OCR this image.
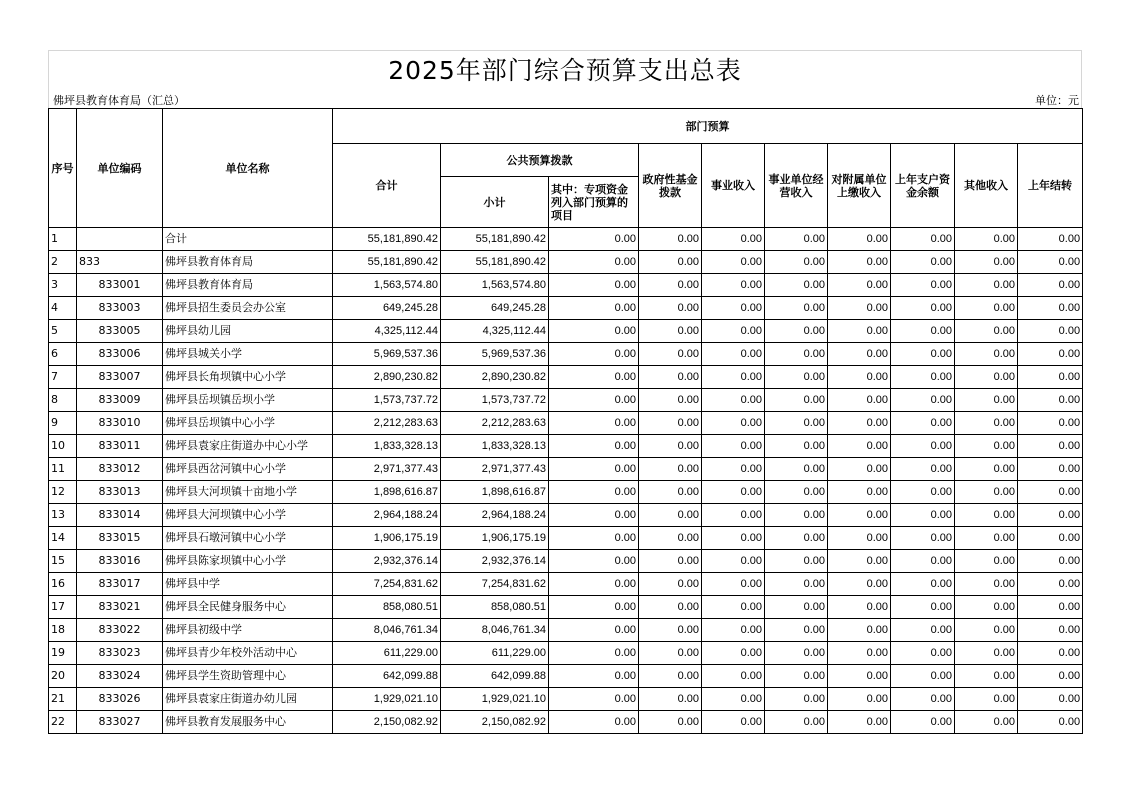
2025年部门综合预算支出总表
佛坪县教育体育局（汇总）	单位：元
序号	单位编码	单位名称	部门预算									
			合计	公共预算拨款		政府性基金拨款	事业收入	事业单位经营收入	对附属单位上缴收入	上年支户资金余额	其他收入	上年结转
				小计	其中：专项资金列入部门预算的项目							
1		合计	55,181,890.42	55,181,890.42	0.00	0.00	0.00	0.00	0.00	0.00	0.00	0.00
2	833	佛坪县教育体育局	55,181,890.42	55,181,890.42	0.00	0.00	0.00	0.00	0.00	0.00	0.00	0.00
3	833001	佛坪县教育体育局	1,563,574.80	1,563,574.80	0.00	0.00	0.00	0.00	0.00	0.00	0.00	0.00
4	833003	佛坪县招生委员会办公室	649,245.28	649,245.28	0.00	0.00	0.00	0.00	0.00	0.00	0.00	0.00
5	833005	佛坪县幼儿园	4,325,112.44	4,325,112.44	0.00	0.00	0.00	0.00	0.00	0.00	0.00	0.00
6	833006	佛坪县城关小学	5,969,537.36	5,969,537.36	0.00	0.00	0.00	0.00	0.00	0.00	0.00	0.00
7	833007	佛坪县长角坝镇中心小学	2,890,230.82	2,890,230.82	0.00	0.00	0.00	0.00	0.00	0.00	0.00	0.00
8	833009	佛坪县岳坝镇岳坝小学	1,573,737.72	1,573,737.72	0.00	0.00	0.00	0.00	0.00	0.00	0.00	0.00
9	833010	佛坪县岳坝镇中心小学	2,212,283.63	2,212,283.63	0.00	0.00	0.00	0.00	0.00	0.00	0.00	0.00
10	833011	佛坪县袁家庄街道办中心小学	1,833,328.13	1,833,328.13	0.00	0.00	0.00	0.00	0.00	0.00	0.00	0.00
11	833012	佛坪县西岔河镇中心小学	2,971,377.43	2,971,377.43	0.00	0.00	0.00	0.00	0.00	0.00	0.00	0.00
12	833013	佛坪县大河坝镇十亩地小学	1,898,616.87	1,898,616.87	0.00	0.00	0.00	0.00	0.00	0.00	0.00	0.00
13	833014	佛坪县大河坝镇中心小学	2,964,188.24	2,964,188.24	0.00	0.00	0.00	0.00	0.00	0.00	0.00	0.00
14	833015	佛坪县石墩河镇中心小学	1,906,175.19	1,906,175.19	0.00	0.00	0.00	0.00	0.00	0.00	0.00	0.00
15	833016	佛坪县陈家坝镇中心小学	2,932,376.14	2,932,376.14	0.00	0.00	0.00	0.00	0.00	0.00	0.00	0.00
16	833017	佛坪县中学	7,254,831.62	7,254,831.62	0.00	0.00	0.00	0.00	0.00	0.00	0.00	0.00
17	833021	佛坪县全民健身服务中心	858,080.51	858,080.51	0.00	0.00	0.00	0.00	0.00	0.00	0.00	0.00
18	833022	佛坪县初级中学	8,046,761.34	8,046,761.34	0.00	0.00	0.00	0.00	0.00	0.00	0.00	0.00
19	833023	佛坪县青少年校外活动中心	611,229.00	611,229.00	0.00	0.00	0.00	0.00	0.00	0.00	0.00	0.00
20	833024	佛坪县学生资助管理中心	642,099.88	642,099.88	0.00	0.00	0.00	0.00	0.00	0.00	0.00	0.00
21	833026	佛坪县袁家庄街道办幼儿园	1,929,021.10	1,929,021.10	0.00	0.00	0.00	0.00	0.00	0.00	0.00	0.00
22	833027	佛坪县教育发展服务中心	2,150,082.92	2,150,082.92	0.00	0.00	0.00	0.00	0.00	0.00	0.00	0.00
